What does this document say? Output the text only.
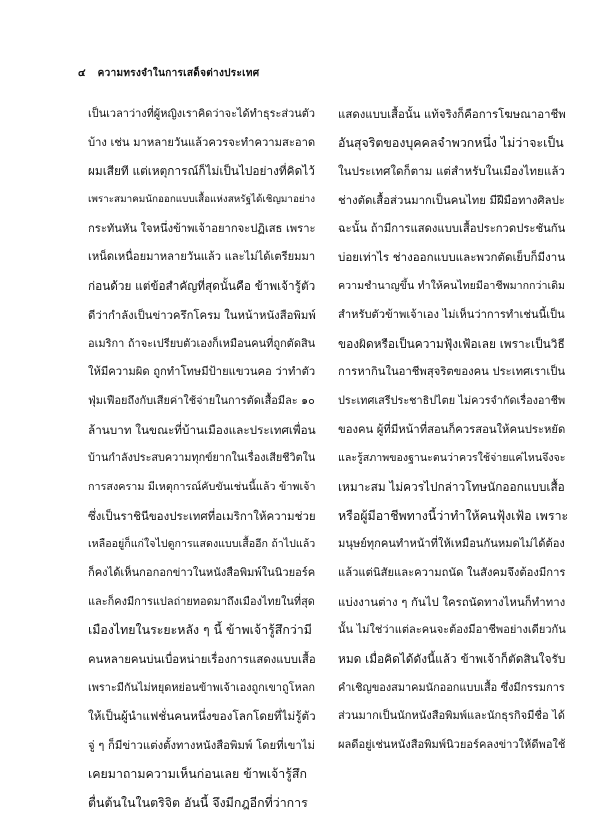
๔ ความทรงจำในการเสด็จต่างประเทศ
เป็นเวลาว่างที่ผู้หญิงเราคิดว่าจะได้ทำธุระส่วนตัว
บ้าง เช่น มาหลายวันแล้วควรจะทำความสะอาด
ผมเสียที แต่เหตุการณ์ก็ไม่เป็นไปอย่างที่คิดไว้
เพราะสมาคมนักออกแบบเสื้อแห่งสหรัฐได้เชิญมาอย่าง
กระทันหัน ใจหนึ่งข้าพเจ้าอยากจะปฏิเสธ เพราะ
เหน็ดเหนื่อยมาหลายวันแล้ว และไม่ได้เตรียมมา
ก่อนด้วย แต่ข้อสำคัญที่สุดนั้นคือ ข้าพเจ้ารู้ตัว
ดีว่ากำลังเป็นข่าวครึกโครม ในหน้าหนังสือพิมพ์
อเมริกา ถ้าจะเปรียบตัวเองก็เหมือนคนที่ถูกตัดสิน
ให้มีความผิด ถูกทำโทษมีป้ายแขวนคอ ว่าทำตัว
ฟุ่มเฟือยถึงกับเสียค่าใช้จ่ายในการตัดเสื้อมีละ ๑๐
ล้านบาท ในขณะที่บ้านเมืองและประเทศเพื่อน
บ้านกำลังประสบความทุกข์ยากในเรื่องเสียชีวิตใน
การสงคราม มีเหตุการณ์คับขันเช่นนี้แล้ว ข้าพเจ้า
ซึ่งเป็นราชินีของประเทศที่อเมริกาให้ความช่วย
เหลืออยู่ก็แก่ใจไปดูการแสดงแบบเสื้ออีก ถ้าไปแล้ว
ก็คงได้เห็นกอกอกข่าวในหนังสือพิมพ์ในนิวยอร์ค
และก็คงมีการแปลถ่ายทอดมาถึงเมืองไทยในที่สุด
เมืองไทยในระยะหลัง ๆ นี้ ข้าพเจ้ารู้สึกว่ามี
คนหลายคนบ่นเบื่อหน่ายเรื่องการแสดงแบบเสื้อ
เพราะมีกันไม่หยุดหย่อนข้าพเจ้าเองถูกเขาถูโหลก
ให้เป็นผู้นำแฟชั่นคนหนึ่งของโลกโดยที่ไม่รู้ตัว
จู่ ๆ ก็มีข่าวแต่งตั้งทางหนังสือพิมพ์ โดยที่เขาไม่
เคยมาถามความเห็นก่อนเลย ข้าพเจ้ารู้สึก
ตื่นต้นในในตริจิต อันนี้ จึงมีกฎอีกที่ว่าการ
แสดงแบบเสื้อนั้น แท้จริงก็คือการโฆษณาอาชีพ
อันสุจริตของบุคคลจำพวกหนึ่ง ไม่ว่าจะเป็น
ในประเทศใดก็ตาม แต่สำหรับในเมืองไทยแล้ว
ช่างตัดเสื้อส่วนมากเป็นคนไทย มีฝีมือทางศิลปะ
ฉะนั้น ถ้ามีการแสดงแบบเสื้อประกวดประชันกัน
บ่อยเท่าไร ช่างออกแบบและพวกตัดเย็บก็มีงาน
ความชำนาญขึ้น ทำให้คนไทยมีอาชีพมากกว่าเดิม
สำหรับตัวข้าพเจ้าเอง ไม่เห็นว่าการทำเช่นนี้เป็น
ของผิดหรือเป็นความฟุ้งเฟ้อเลย เพราะเป็นวิธี
การหากินในอาชีพสุจริตของคน ประเทศเราเป็น
ประเทศเสรีประชาธิปไตย ไม่ควรจำกัดเรื่องอาชีพ
ของคน ผู้ที่มีหน้าที่สอนก็ควรสอนให้คนประหยัด
และรู้สภาพของฐานะตนว่าควรใช้จ่ายแค่ไหนจึงจะ
เหมาะสม ไม่ควรไปกล่าวโทษนักออกแบบเสื้อ
หรือผู้มีอาชีพทางนี้ว่าทำให้คนฟุ้งเฟ้อ เพราะ
มนุษย์ทุกคนทำหน้าที่ให้เหมือนกันหมดไม่ได้ต้อง
แล้วแต่นิสัยและความถนัด ในสังคมจึงต้องมีการ
แบ่งงานต่าง ๆ กันไป ใครถนัดทางไหนก็ทำทาง
นั้น ไม่ใช่ว่าแต่ละคนจะต้องมีอาชีพอย่างเดียวกัน
หมด เมื่อคิดได้ดังนี้แล้ว ข้าพเจ้าก็ตัดสินใจรับ
คำเชิญของสมาคมนักออกแบบเสื้อ ซึ่งมีกรรมการ
ส่วนมากเป็นนักหนังสือพิมพ์และนักธุรกิจมีชื่อ ได้
ผลดีอยู่เช่นหนังสือพิมพ์นิวยอร์คลงข่าวให้ดีพอใช้
